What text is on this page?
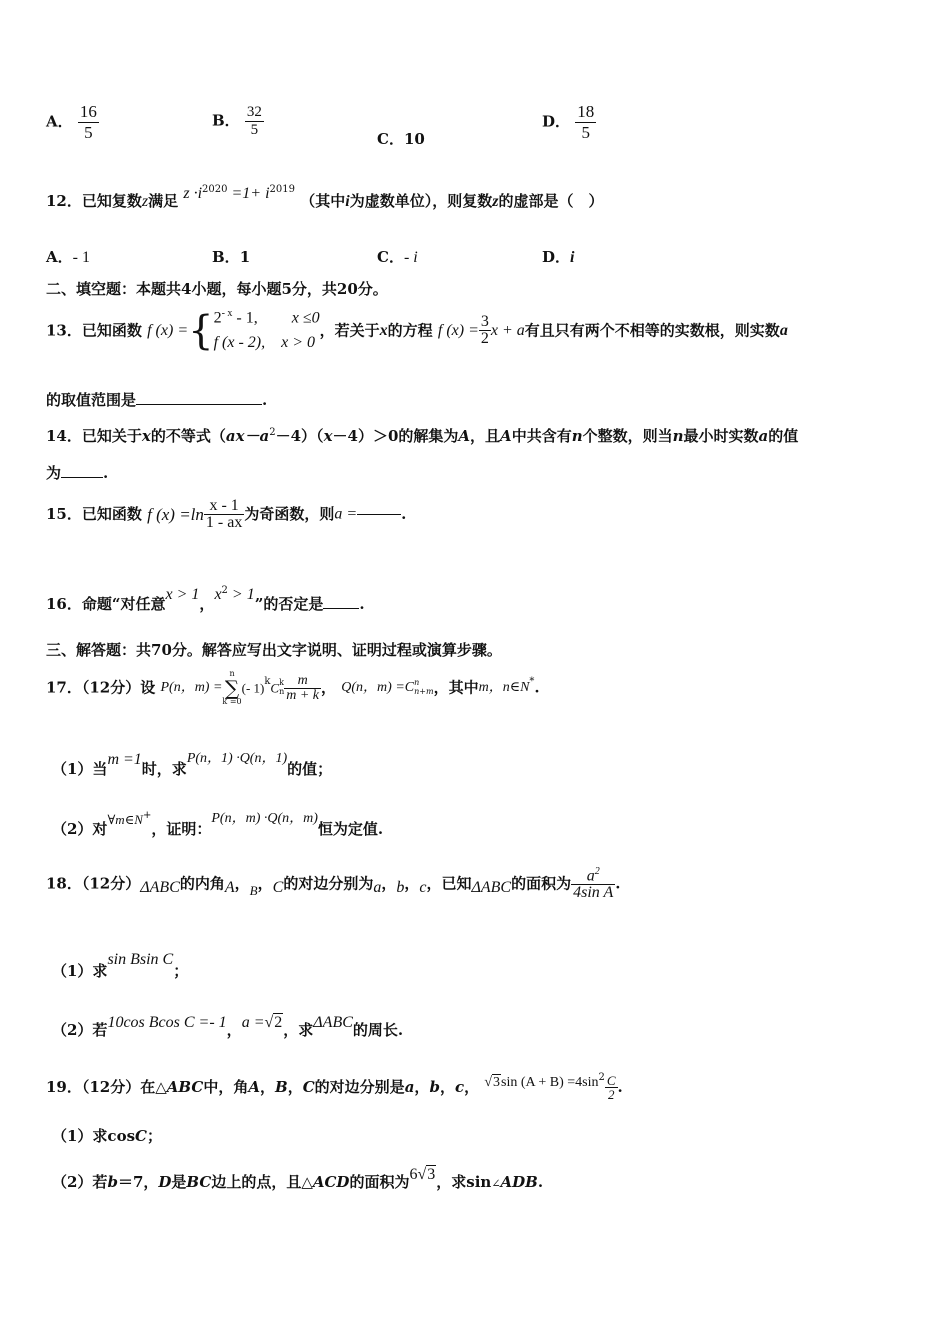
A． $\frac{16}{5}$	B． $\frac{32}{5}$	C．10
D． $\frac{18}{5}$
12．已知复数z满足 $z \cdot i^{2020} =1+ i^{2019}$ （其中i为虚数单位），则复数z的虚部是（　）
A．- 1	B．1	C．- i	D．i
二、填空题：本题共4小题，每小题5分，共20分。
13．已知函数 f (x) ={ $2^{- x} - 1$, x ≤0
f (x - 2), x > 0
，若关于x的方程 f $(x) = \frac{3}{2}$ x + a有且只有两个不相等的实数根，则实数a
的取值范围是	.
14．已知关于x的不等式$(ax-a^2-4)(x-4)>0$的解集为A，且A中共含有n个整数，则当n最小时实数a的值
为	.
15．已知函数 f $(x) =\ln \frac{x - 1}{1 - ax}$ 为奇函数，则a =	.
16．命题“对任意x > 1，$x^2 > 1$”的否定是 .
三、解答题：共70分。解答应写出文字说明、证明过程或演算步骤。
17．（12分）设 P(n，m) =
n
∑
k =0
(- 1)$^k$C k
n $\frac{m}{m + k}$ ， Q(n，m) =C n
n+m ，其中m，n∈N*.
（1）当m =1时，求P(n，1) ·Q(n，1)的值；
（2）对∀m∈N+，证明：P(n，m) ·Q(n，m)恒为定值.
18．（12分）ΔABC的内角A，B，C的对边分别为a，b，c，已知ΔABC的面积为 $\frac{a^2}{\text{4sin A}}$ .
（1）求sin Bsin C；
（2）若10cos Bcos C =- 1，a =√2，求ΔABC的周长.
19．（12分）在△ABC中，角A，B，C的对边分别是a，b，c， √3sin $(A + B) =4\sin^2 \frac{C}{2}$ .
（1）求cosC；
（2）若b＝7，D是BC边上的点，且△ACD的面积为6√3，求sin∠ADB.
